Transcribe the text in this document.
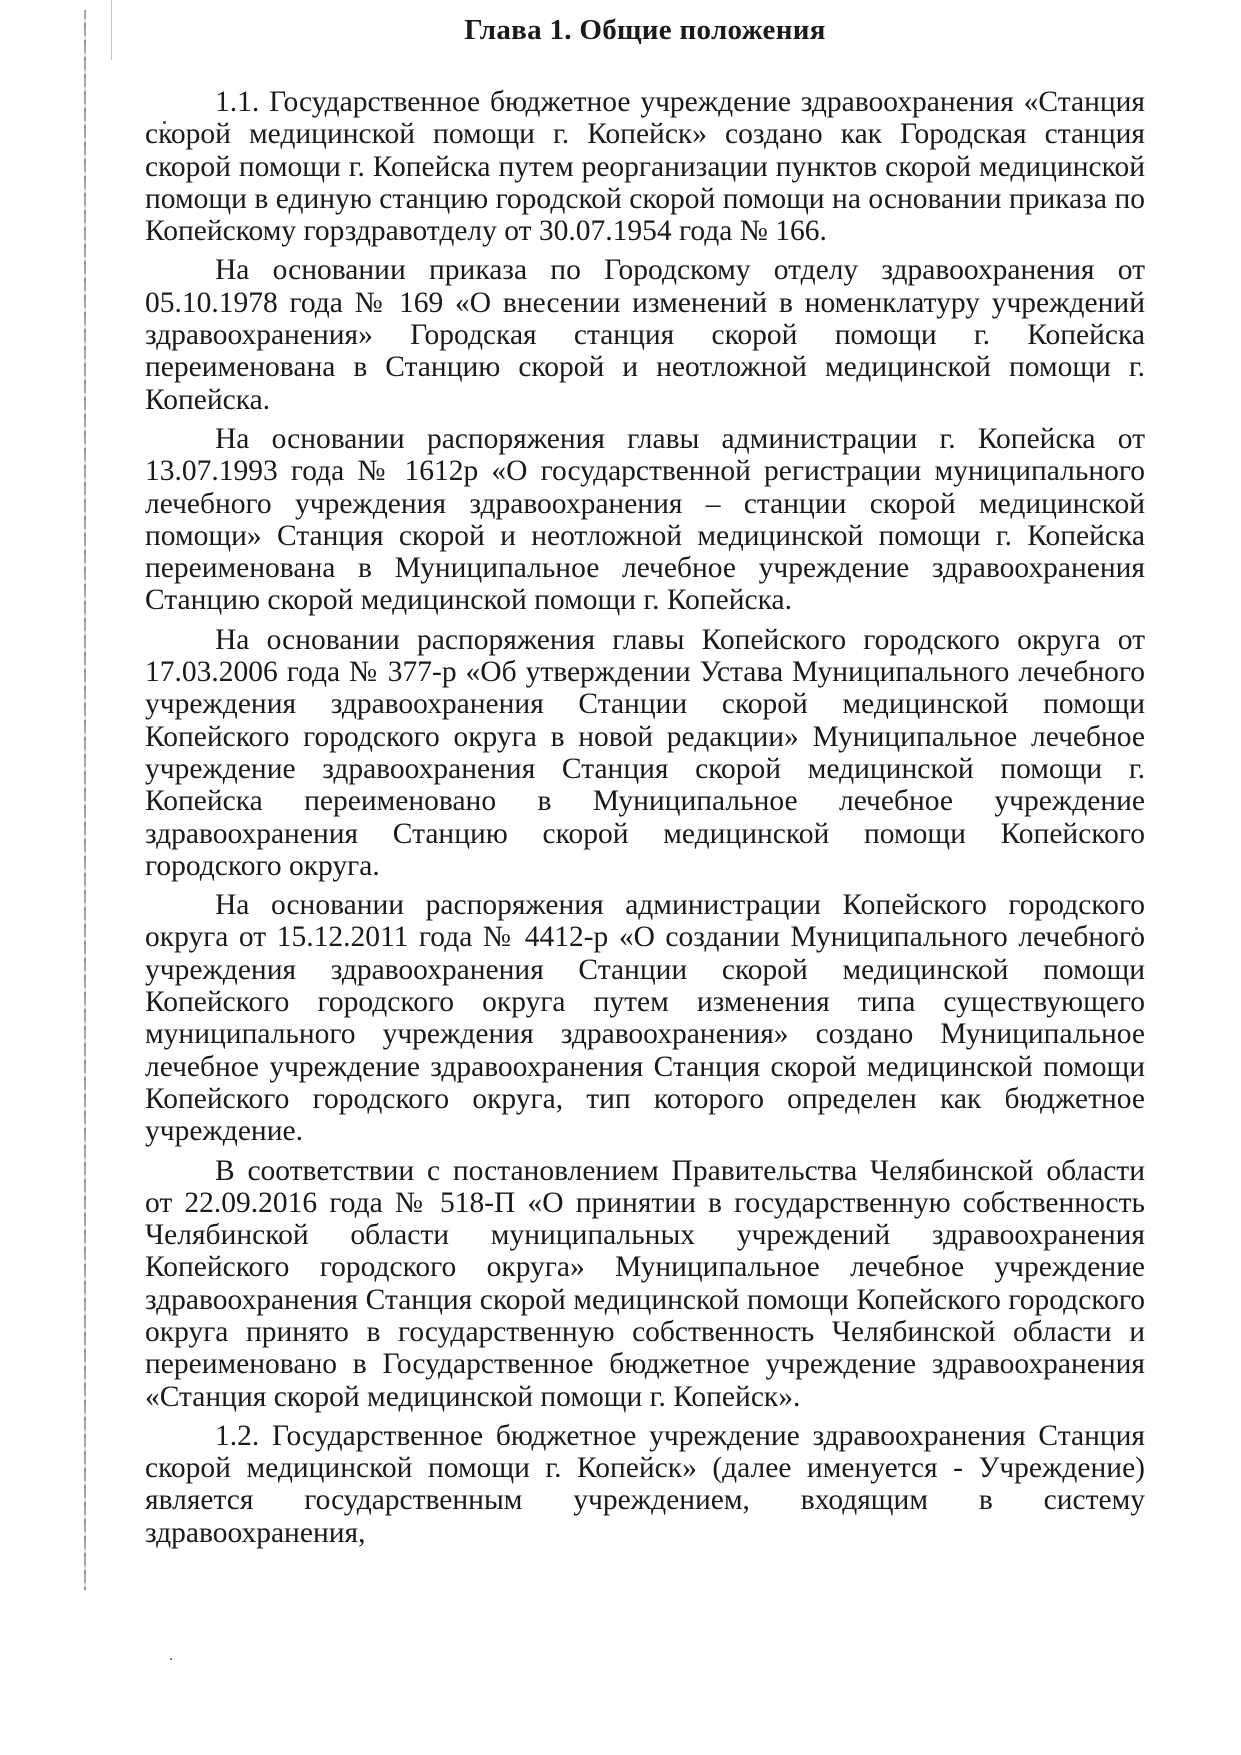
Глава 1. Общие положения

1.1. Государственное бюджетное учреждение здравоохранения «Станция скорой медицинской помощи г. Копейск» создано как Городская станция скорой помощи г. Копейска путем реорганизации пунктов скорой медицинской помощи в единую станцию городской скорой помощи на основании приказа по Копейскому горздравотделу от 30.07.1954 года № 166.

На основании приказа по Городскому отделу здравоохранения от 05.10.1978 года № 169 «О внесении изменений в номенклатуру учреждений здравоохранения» Городская станция скорой помощи г. Копейска переименована в Станцию скорой и неотложной медицинской помощи г. Копейска.

На основании распоряжения главы администрации г. Копейска от 13.07.1993 года № 1612р «О государственной регистрации муниципального лечебного учреждения здравоохранения – станции скорой медицинской помощи» Станция скорой и неотложной медицинской помощи г. Копейска переименована в Муниципальное лечебное учреждение здравоохранения Станцию скорой медицинской помощи г. Копейска.

На основании распоряжения главы Копейского городского округа от 17.03.2006 года № 377-р «Об утверждении Устава Муниципального лечебного учреждения здравоохранения Станции скорой медицинской помощи Копейского городского округа в новой редакции» Муниципальное лечебное учреждение здравоохранения Станция скорой медицинской помощи г. Копейска переименовано в Муниципальное лечебное учреждение здравоохранения Станцию скорой медицинской помощи Копейского городского округа.

На основании распоряжения администрации Копейского городского округа от 15.12.2011 года № 4412-р «О создании Муниципального лечебного учреждения здравоохранения Станции скорой медицинской помощи Копейского городского округа путем изменения типа существующего муниципального учреждения здравоохранения» создано Муниципальное лечебное учреждение здравоохранения Станция скорой медицинской помощи Копейского городского округа, тип которого определен как бюджетное учреждение.

В соответствии с постановлением Правительства Челябинской области от 22.09.2016 года № 518-П «О принятии в государственную собственность Челябинской области муниципальных учреждений здравоохранения Копейского городского округа» Муниципальное лечебное учреждение здравоохранения Станция скорой медицинской помощи Копейского городского округа принято в государственную собственность Челябинской области и переименовано в Государственное бюджетное учреждение здравоохранения «Станция скорой медицинской помощи г. Копейск».

1.2. Государственное бюджетное учреждение здравоохранения Станция скорой медицинской помощи г. Копейск» (далее именуется - Учреждение) является государственным учреждением, входящим в систему здравоохранения,
